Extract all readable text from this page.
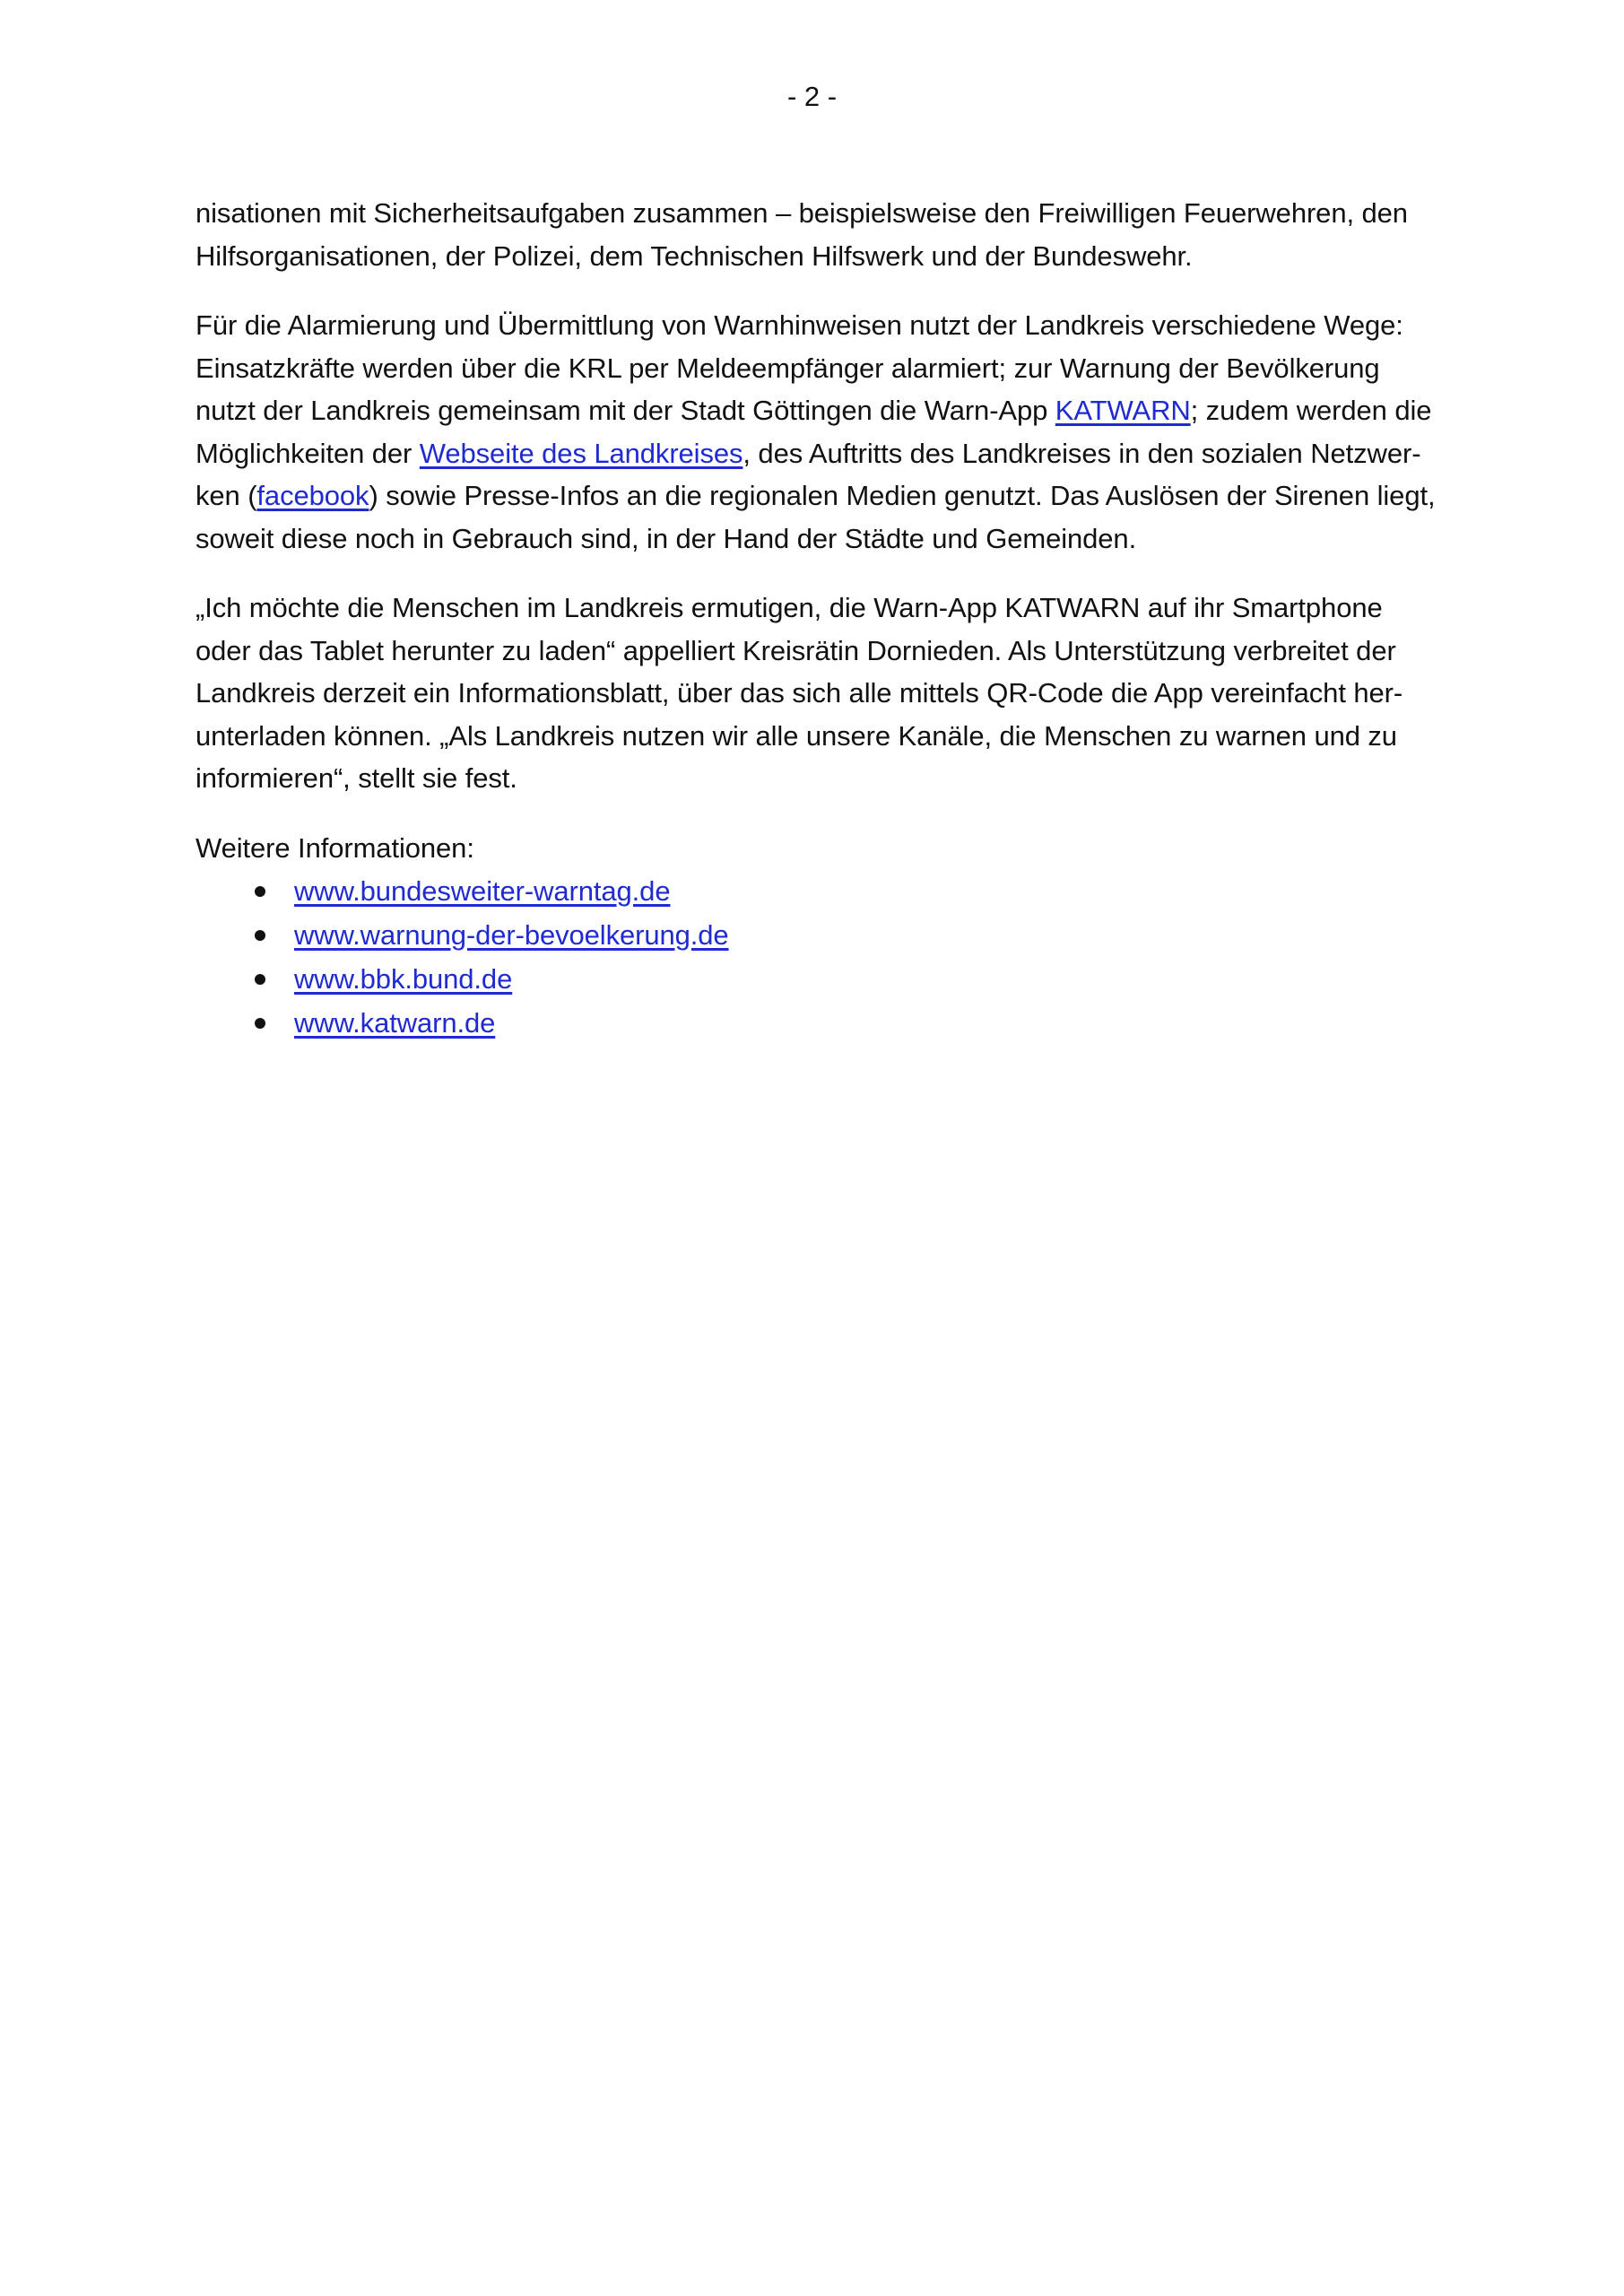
- 2 -

nisationen mit Sicherheitsaufgaben zusammen – beispielsweise den Freiwilligen Feuerwehren, den
Hilfsorganisationen, der Polizei, dem Technischen Hilfswerk und der Bundeswehr.

Für die Alarmierung und Übermittlung von Warnhinweisen nutzt der Landkreis verschiedene Wege:
Einsatzkräfte werden über die KRL per Meldeempfänger alarmiert; zur Warnung der Bevölkerung
nutzt der Landkreis gemeinsam mit der Stadt Göttingen die Warn-App KATWARN; zudem werden die
Möglichkeiten der Webseite des Landkreises, des Auftritts des Landkreises in den sozialen Netzwer-
ken (facebook) sowie Presse-Infos an die regionalen Medien genutzt. Das Auslösen der Sirenen liegt,
soweit diese noch in Gebrauch sind, in der Hand der Städte und Gemeinden.

„Ich möchte die Menschen im Landkreis ermutigen, die Warn-App KATWARN auf ihr Smartphone
oder das Tablet herunter zu laden“ appelliert Kreisrätin Dornieden. Als Unterstützung verbreitet der
Landkreis derzeit ein Informationsblatt, über das sich alle mittels QR-Code die App vereinfacht her-
unterladen können. „Als Landkreis nutzen wir alle unsere Kanäle, die Menschen zu warnen und zu
informieren“, stellt sie fest.

Weitere Informationen:
www.bundesweiter-warntag.de
www.warnung-der-bevoelkerung.de
www.bbk.bund.de
www.katwarn.de
